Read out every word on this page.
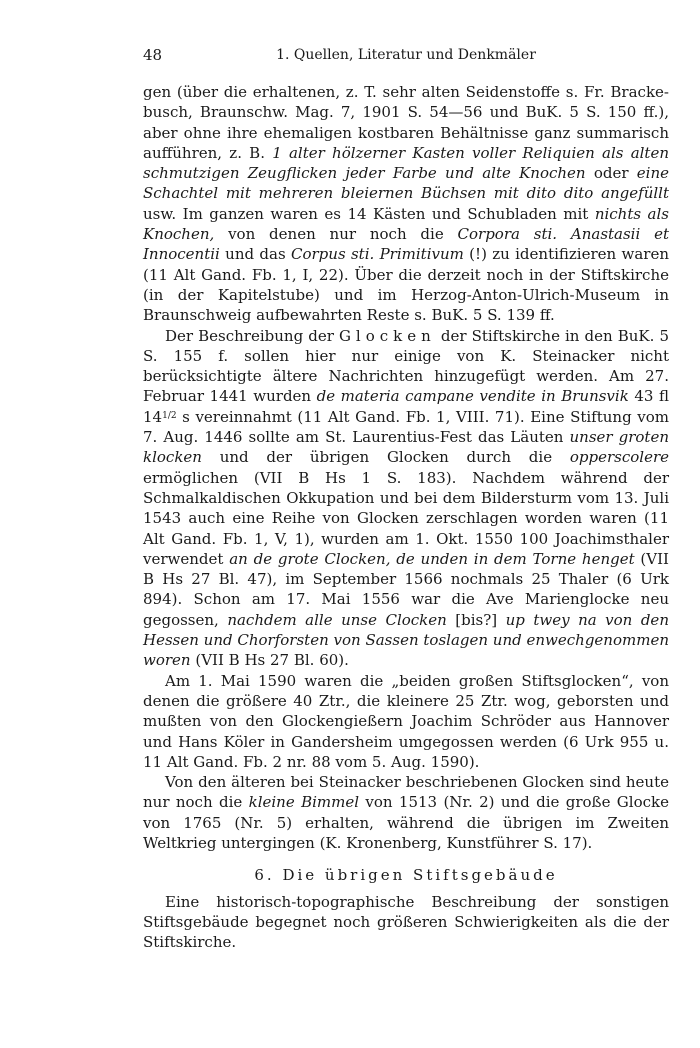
48	1. Quellen, Literatur und Denkmäler

gen (über die erhaltenen, z. T. sehr alten Seidenstoffe s. Fr. Brackebusch, Braunschw. Mag. 7, 1901 S. 54—56 und BuK. 5 S. 150 ff.), aber ohne ihre ehemaligen kostbaren Behältnisse ganz summarisch aufführen, z. B. 1 alter hölzerner Kasten voller Reliquien als alten schmutzigen Zeugflicken jeder Farbe und alte Knochen oder eine Schachtel mit mehreren bleiernen Büchsen mit dito dito angefüllt usw. Im ganzen waren es 14 Kästen und Schubladen mit nichts als Knochen, von denen nur noch die Corpora sti. Anastasii et Innocentii und das Corpus sti. Primitivum (!) zu identifizieren waren (11 Alt Gand. Fb. 1, I, 22). Über die derzeit noch in der Stiftskirche (in der Kapitelstube) und im Herzog-Anton-Ulrich-Museum in Braunschweig aufbewahrten Reste s. BuK. 5 S. 139 ff.

Der Beschreibung der Glocken der Stiftskirche in den BuK. 5 S. 155 f. sollen hier nur einige von K. Steinacker nicht berücksichtigte ältere Nachrichten hinzugefügt werden. Am 27. Februar 1441 wurden de materia campane vendite in Brunsvik 43 fl $14^{1/2}$ s vereinnahmt (11 Alt Gand. Fb. 1, VIII. 71). Eine Stiftung vom 7. Aug. 1446 sollte am St. Laurentius-Fest das Läuten unser groten klocken und der übrigen Glocken durch die opperscolere ermöglichen (VII B Hs 1 S. 183). Nachdem während der Schmalkaldischen Okkupation und bei dem Bildersturm vom 13. Juli 1543 auch eine Reihe von Glocken zerschlagen worden waren (11 Alt Gand. Fb. 1, V, 1), wurden am 1. Okt. 1550 100 Joachimsthaler verwendet an de grote Clocken, de unden in dem Torne henget (VII B Hs 27 Bl. 47), im September 1566 nochmals 25 Thaler (6 Urk 894). Schon am 17. Mai 1556 war die Ave Marienglocke neu gegossen, nachdem alle unse Clocken [bis?] up twey na von den Hessen und Chorforsten von Sassen toslagen und enwechgenommen woren (VII B Hs 27 Bl. 60).

Am 1. Mai 1590 waren die „beiden großen Stiftsglocken“, von denen die größere 40 Ztr., die kleinere 25 Ztr. wog, geborsten und mußten von den Glockengießern Joachim Schröder aus Hannover und Hans Köler in Gandersheim umgegossen werden (6 Urk 955 u. 11 Alt Gand. Fb. 2 nr. 88 vom 5. Aug. 1590).

Von den älteren bei Steinacker beschriebenen Glocken sind heute nur noch die kleine Bimmel von 1513 (Nr. 2) und die große Glocke von 1765 (Nr. 5) erhalten, während die übrigen im Zweiten Weltkrieg untergingen (K. Kronenberg, Kunstführer S. 17).

6. Die übrigen Stiftsgebäude

Eine historisch-topographische Beschreibung der sonstigen Stiftsgebäude begegnet noch größeren Schwierigkeiten als die der Stiftskirche.
